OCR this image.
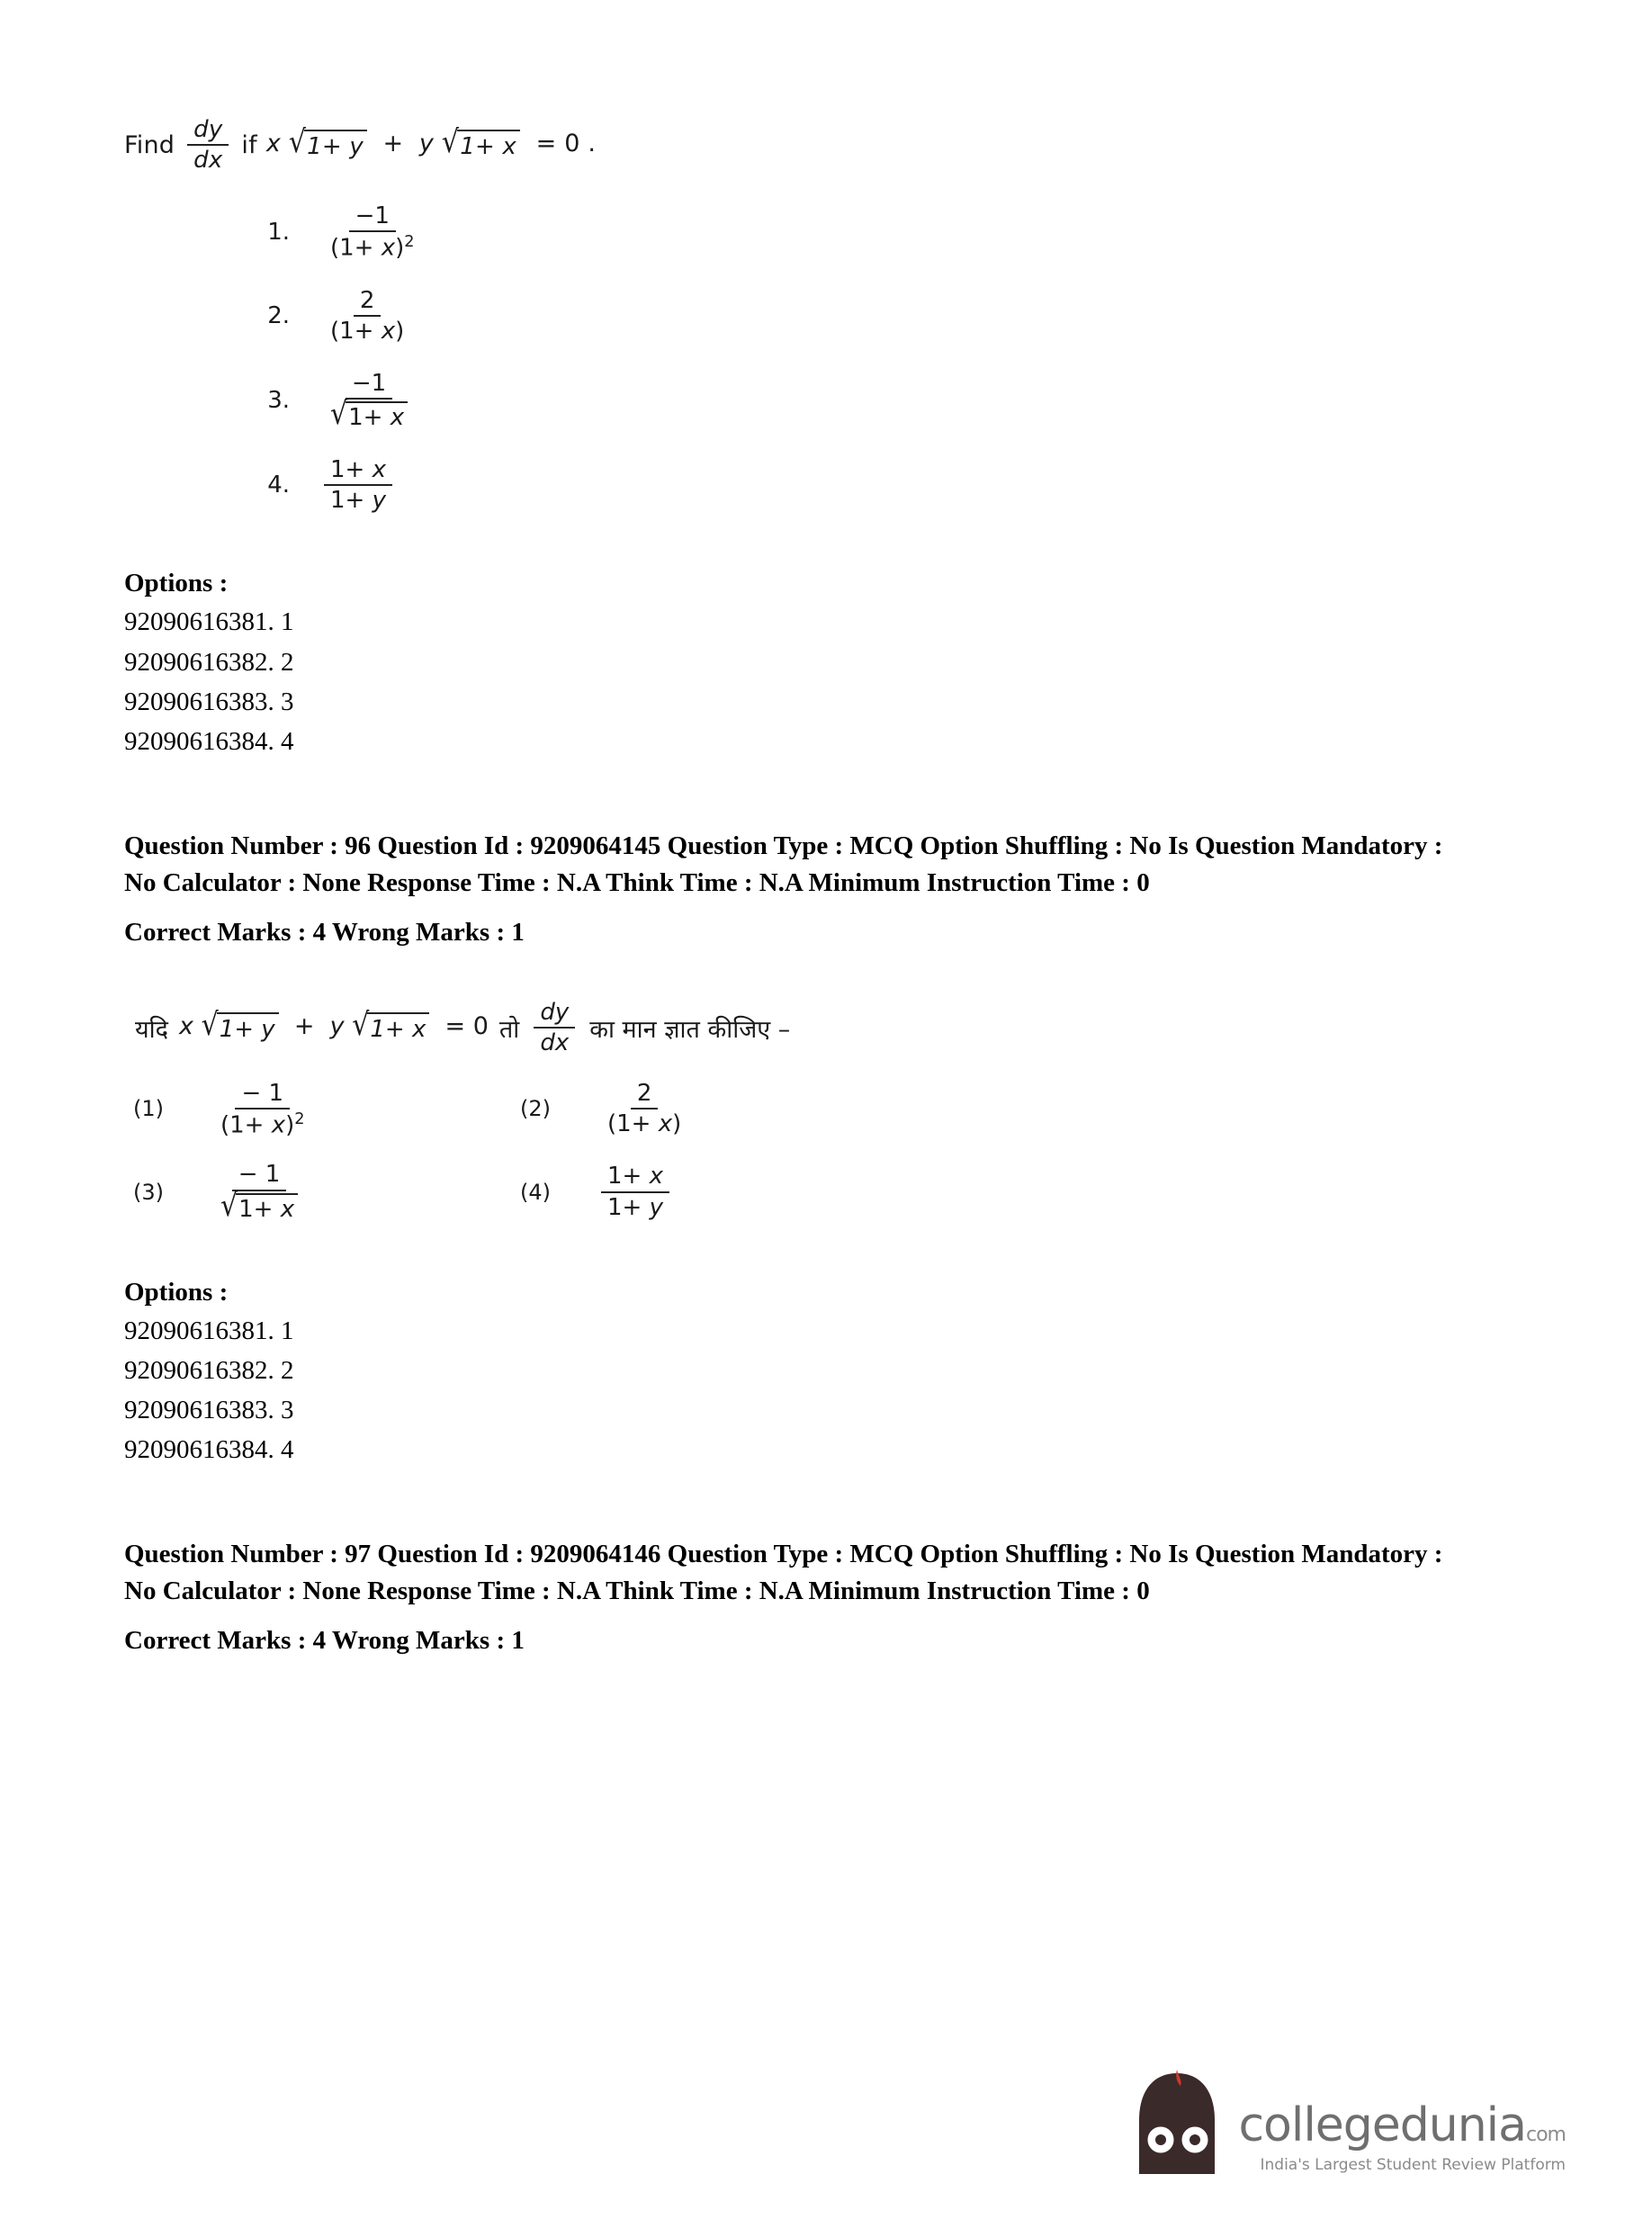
Find $\frac{dy}{dx}$ if x √ 1+ y +  y √ 1+ x = 0 .
1. $\frac{-1}{(1+ x)^2}$
2. $\frac{2}{(1+ x)}$
3. $\frac{-1}{√ 1+ x}$
4. $\frac{1+ x}{1+ y}$
Options :
92090616381. 1
92090616382. 2
92090616383. 3
92090616384. 4
Question Number : 96 Question Id : 9209064145 Question Type : MCQ Option Shuffling : No Is Question Mandatory : No Calculator : None Response Time : N.A Think Time : N.A Minimum Instruction Time : 0
Correct Marks : 4 Wrong Marks : 1
यदि x √ 1+ y +  y √ 1+ x = 0 तो $\frac{dy}{dx}$ का मान ज्ञात कीजिए –
(1)	$\frac{- 1}{(1+ x)^2}$	(2)	$\frac{2}{(1+ x)}$
(3)	$\frac{- 1}{√ 1+ x}$	(4)	$\frac{1+ x}{1+ y}$
Options :
92090616381. 1
92090616382. 2
92090616383. 3
92090616384. 4
Question Number : 97 Question Id : 9209064146 Question Type : MCQ Option Shuffling : No Is Question Mandatory : No Calculator : None Response Time : N.A Think Time : N.A Minimum Instruction Time : 0
Correct Marks : 4 Wrong Marks : 1
collegeduniacom
India's Largest Student Review Platform
